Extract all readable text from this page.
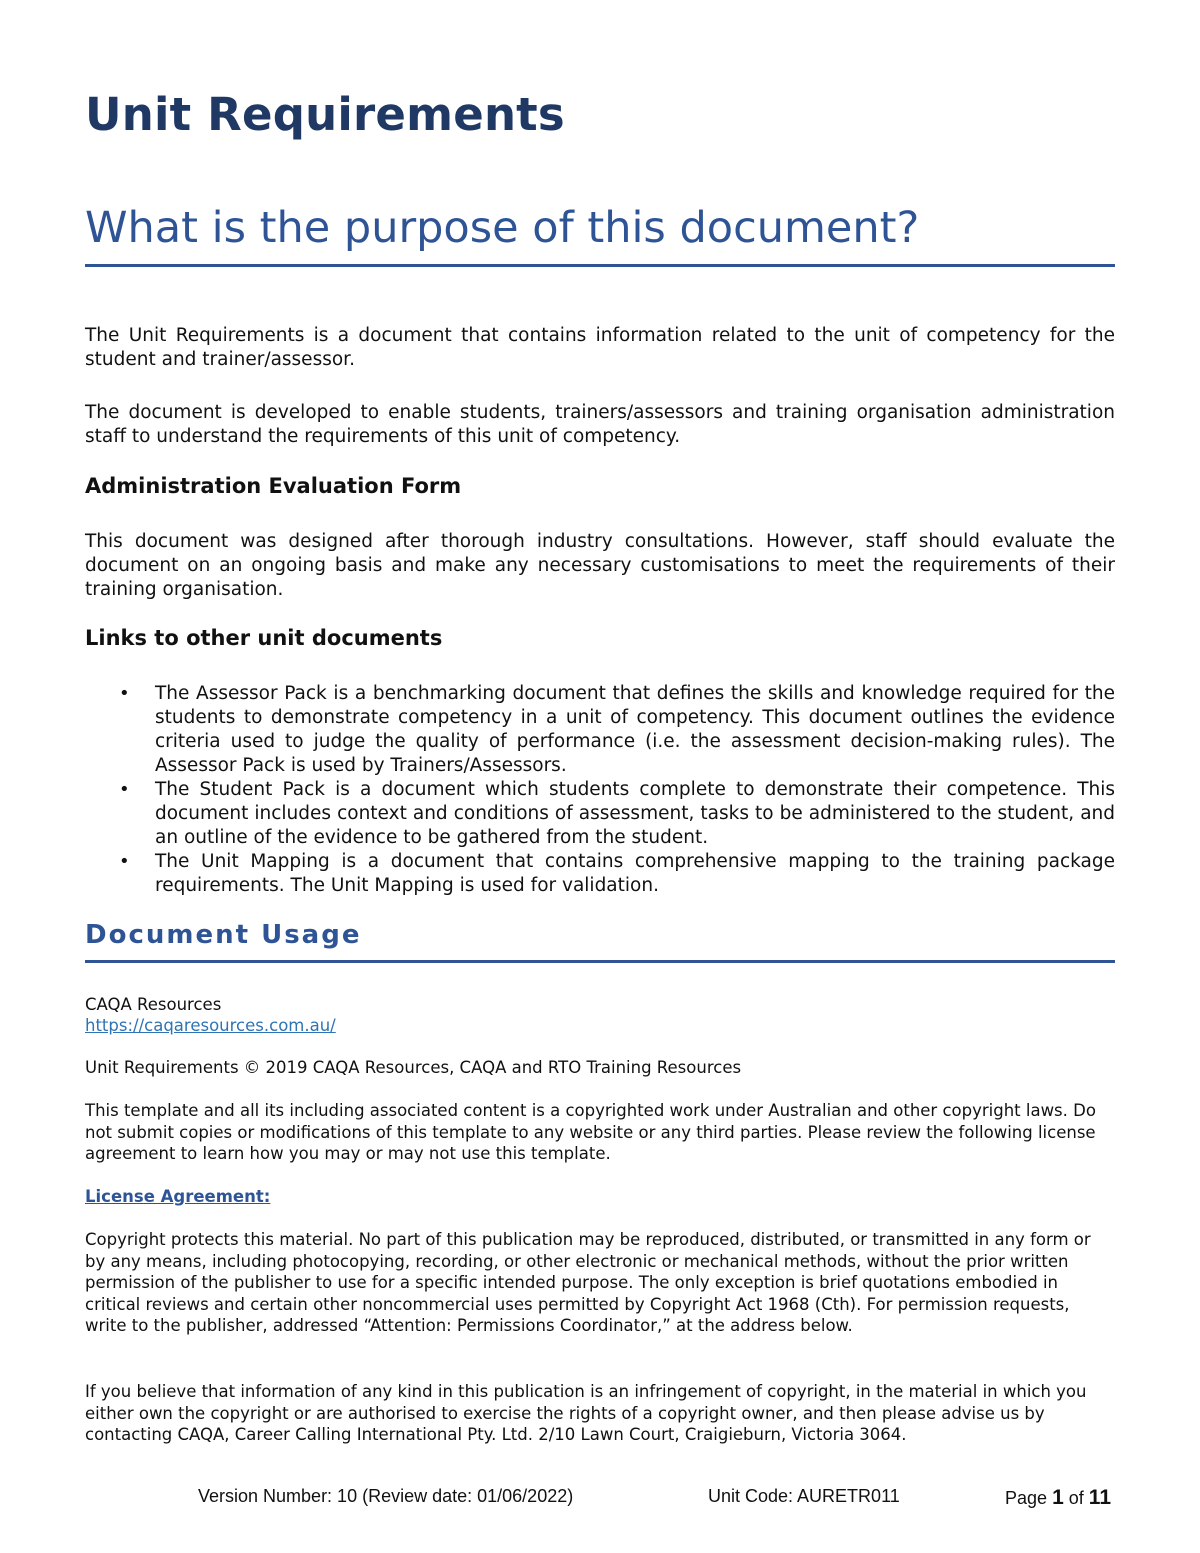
Unit Requirements
What is the purpose of this document?

The Unit Requirements is a document that contains information related to the unit of competency for the student and trainer/assessor.

The document is developed to enable students, trainers/assessors and training organisation administration staff to understand the requirements of this unit of competency.

Administration Evaluation Form

This document was designed after thorough industry consultations. However, staff should evaluate the document on an ongoing basis and make any necessary customisations to meet the requirements of their training organisation.

Links to other unit documents
• The Assessor Pack is a benchmarking document that defines the skills and knowledge required for the students to demonstrate competency in a unit of competency. This document outlines the evidence criteria used to judge the quality of performance (i.e. the assessment decision-making rules). The Assessor Pack is used by Trainers/Assessors.
• The Student Pack is a document which students complete to demonstrate their competence. This document includes context and conditions of assessment, tasks to be administered to the student, and an outline of the evidence to be gathered from the student.
• The Unit Mapping is a document that contains comprehensive mapping to the training package requirements. The Unit Mapping is used for validation.
Document Usage

CAQA Resources

https://caqaresources.com.au/

Unit Requirements © 2019 CAQA Resources, CAQA and RTO Training Resources

This template and all its including associated content is a copyrighted work under Australian and other copyright laws. Do not submit copies or modifications of this template to any website or any third parties. Please review the following license agreement to learn how you may or may not use this template.

License Agreement:

Copyright protects this material. No part of this publication may be reproduced, distributed, or transmitted in any form or by any means, including photocopying, recording, or other electronic or mechanical methods, without the prior written permission of the publisher to use for a specific intended purpose. The only exception is brief quotations embodied in critical reviews and certain other noncommercial uses permitted by Copyright Act 1968 (Cth). For permission requests, write to the publisher, addressed “Attention: Permissions Coordinator,” at the address below.

If you believe that information of any kind in this publication is an infringement of copyright, in the material in which you either own the copyright or are authorised to exercise the rights of a copyright owner, and then please advise us by contacting CAQA, Career Calling International Pty. Ltd. 2/10 Lawn Court, Craigieburn, Victoria 3064.

Version Number: 10 (Review date: 01/06/2022)	Unit Code: AURETR011	Page 1 of 11
